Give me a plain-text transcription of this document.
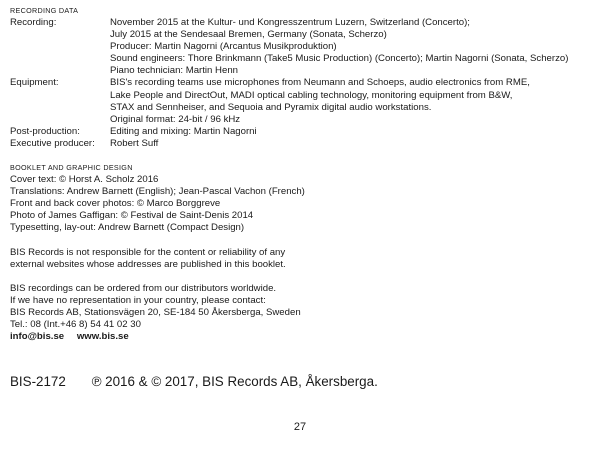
RECORDING DATA
Recording:	November 2015 at the Kultur- und Kongresszentrum Luzern, Switzerland (Concerto);
July 2015 at the Sendesaal Bremen, Germany (Sonata, Scherzo)
Producer: Martin Nagorni (Arcantus Musikproduktion)
Sound engineers: Thore Brinkmann (Take5 Music Production) (Concerto); Martin Nagorni (Sonata, Scherzo)
Piano technician: Martin Henn
Equipment:	BIS's recording teams use microphones from Neumann and Schoeps, audio electronics from RME,
Lake People and DirectOut, MADI optical cabling technology, monitoring equipment from B&W,
STAX and Sennheiser, and Sequoia and Pyramix digital audio workstations.
Original format: 24-bit / 96 kHz
Post-production:	Editing and mixing: Martin Nagorni
Executive producer:	Robert Suff
BOOKLET AND GRAPHIC DESIGN
Cover text: © Horst A. Scholz 2016
Translations: Andrew Barnett (English); Jean-Pascal Vachon (French)
Front and back cover photos: © Marco Borggreve
Photo of James Gaffigan: © Festival de Saint-Denis 2014
Typesetting, lay-out: Andrew Barnett (Compact Design)
BIS Records is not responsible for the content or reliability of any
external websites whose addresses are published in this booklet.
BIS recordings can be ordered from our distributors worldwide.
If we have no representation in your country, please contact:
BIS Records AB, Stationsvägen 20, SE-184 50 Åkersberga, Sweden
Tel.: 08 (Int.+46 8) 54 41 02 30
info@bis.se www.bis.se
BIS-2172 ℗ 2016 & © 2017, BIS Records AB, Åkersberga.
27
